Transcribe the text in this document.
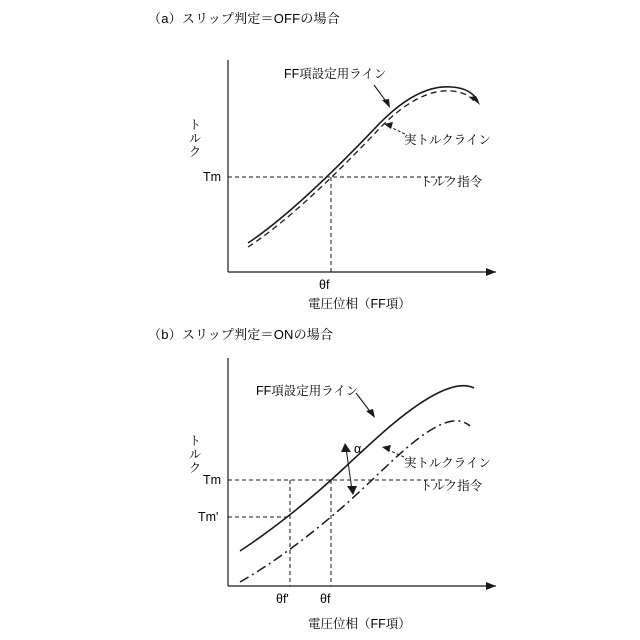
（a）スリップ判定＝OFFの場合
トルク
Tm
θf
電圧位相（FF項）
FF項設定用ライン
実トルクライン
トルク指令
（b）スリップ判定＝ONの場合
トルク
Tm
Tm'
θf' θf
電圧位相（FF項）
FF項設定用ライン
α
実トルクライン
トルク指令
